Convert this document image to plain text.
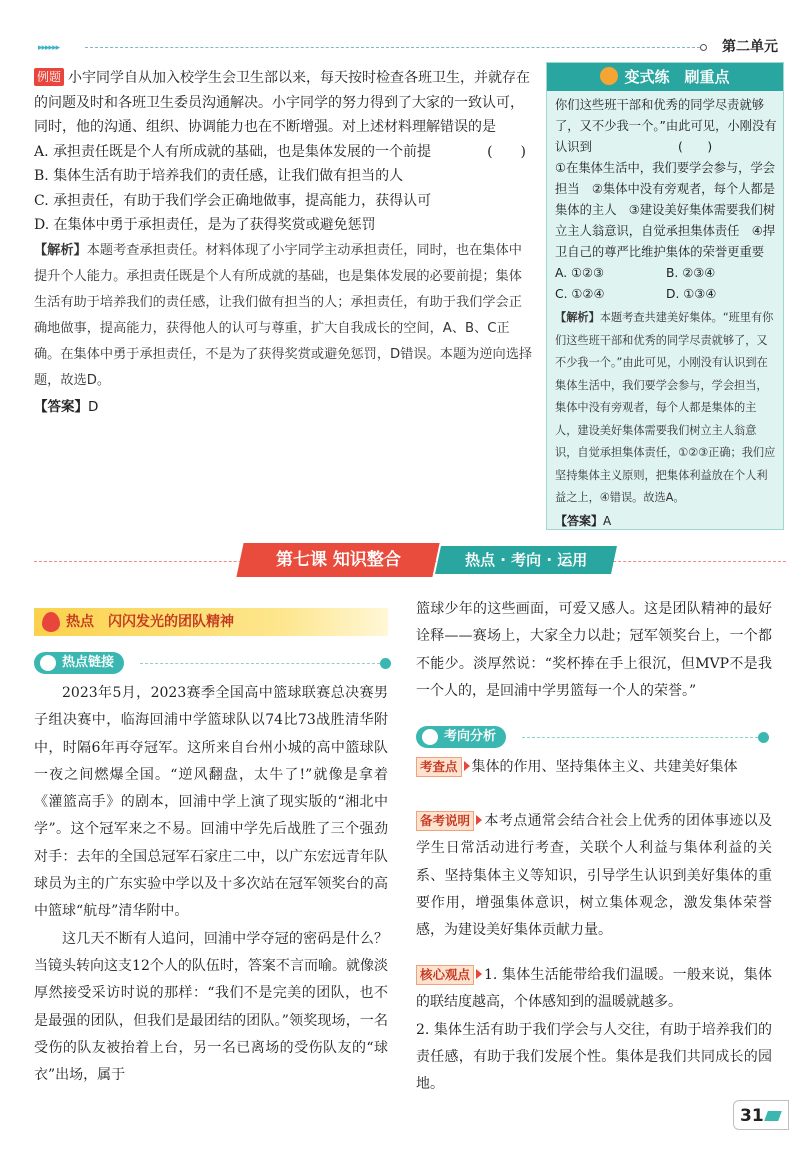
▸▸▸▸▸▸	第二单元
例题 小宇同学自从加入校学生会卫生部以来，每天按时检查各班卫生，并就存在的问题及时和各班卫生委员沟通解决。小宇同学的努力得到了大家的一致认可，同时，他的沟通、组织、协调能力也在不断增强。对上述材料理解错误的是
(　　)
A. 承担责任既是个人有所成就的基础，也是集体发展的一个前提
B. 集体生活有助于培养我们的责任感，让我们做有担当的人
C. 承担责任，有助于我们学会正确地做事，提高能力，获得认可
D. 在集体中勇于承担责任，是为了获得奖赏或避免惩罚
【解析】本题考查承担责任。材料体现了小宇同学主动承担责任，同时，也在集体中提升个人能力。承担责任既是个人有所成就的基础，也是集体发展的必要前提；集体生活有助于培养我们的责任感，让我们做有担当的人；承担责任，有助于我们学会正确地做事，提高能力，获得他人的认可与尊重，扩大自我成长的空间，A、B、C正确。在集体中勇于承担责任，不是为了获得奖赏或避免惩罚，D错误。本题为逆向选择题，故选D。
【答案】D
变式练　刷重点
你们这些班干部和优秀的同学尽责就够了，又不少我一个。”由此可见，小刚没有认识到　　　　　　　(　　)
①在集体生活中，我们要学会参与，学会担当　②集体中没有旁观者，每个人都是集体的主人　③建设美好集体需要我们树立主人翁意识，自觉承担集体责任　④捍卫自己的尊严比维护集体的荣誉更重要
A. ①②③	B. ②③④
C. ①②④	D. ①③④
【解析】本题考查共建美好集体。“班里有你们这些班干部和优秀的同学尽责就够了，又不少我一个。”由此可见，小刚没有认识到在集体生活中，我们要学会参与，学会担当，集体中没有旁观者，每个人都是集体的主人，建设美好集体需要我们树立主人翁意识，自觉承担集体责任，①②③正确；我们应坚持集体主义原则，把集体利益放在个人利益之上，④错误。故选A。
【答案】A
第七课 知识整合	热点 · 考向 · 运用
热点　闪闪发光的团队精神
热点链接

2023年5月，2023赛季全国高中篮球联赛总决赛男子组决赛中，临海回浦中学篮球队以74比73战胜清华附中，时隔6年再夺冠军。这所来自台州小城的高中篮球队一夜之间燃爆全国。“逆风翻盘，太牛了!”就像是拿着《灌篮高手》的剧本，回浦中学上演了现实版的“湘北中学”。这个冠军来之不易。回浦中学先后战胜了三个强劲对手：去年的全国总冠军石家庄二中，以广东宏远青年队球员为主的广东实验中学以及十多次站在冠军领奖台的高中篮球“航母”清华附中。

这几天不断有人追问，回浦中学夺冠的密码是什么？当镜头转向这支12个人的队伍时，答案不言而喻。就像淡厚然接受采访时说的那样：“我们不是完美的团队，也不是最强的团队，但我们是最团结的团队。”领奖现场，一名受伤的队友被抬着上台，另一名已离场的受伤队友的“球衣”出场，属于

篮球少年的这些画面，可爱又感人。这是团队精神的最好诠释——赛场上，大家全力以赴；冠军领奖台上，一个都不能少。淡厚然说：“奖杯捧在手上很沉，但MVP不是我一个人的，是回浦中学男篮每一个人的荣誉。”
考向分析
考查点 集体的作用、坚持集体主义、共建美好集体
备考说明 本考点通常会结合社会上优秀的团体事迹以及学生日常活动进行考查，关联个人利益与集体利益的关系、坚持集体主义等知识，引导学生认识到美好集体的重要作用，增强集体意识，树立集体观念，激发集体荣誉感，为建设美好集体贡献力量。
核心观点 1. 集体生活能带给我们温暖。一般来说，集体的联结度越高，个体感知到的温暖就越多。
2. 集体生活有助于我们学会与人交往，有助于培养我们的责任感，有助于我们发展个性。集体是我们共同成长的园地。
31
